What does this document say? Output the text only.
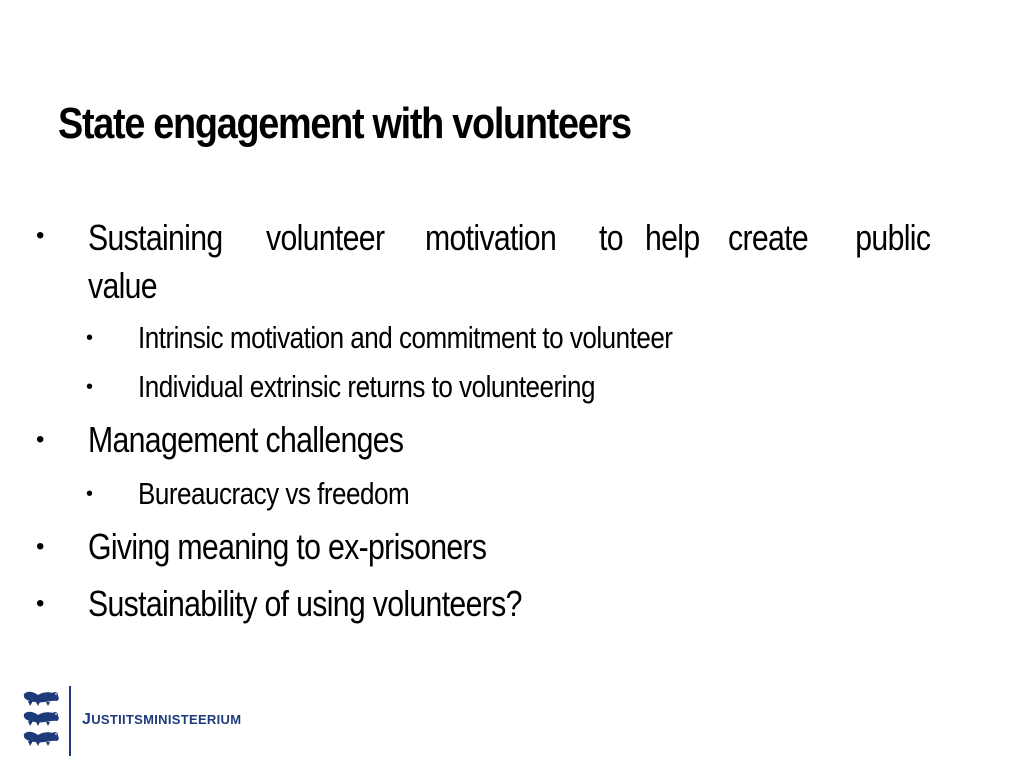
State engagement with volunteers
• Sustaining volunteer motivation to help create public
value
• Intrinsic motivation and commitment to volunteer
• Individual extrinsic returns to volunteering
• Management challenges
• Bureaucracy vs freedom
• Giving meaning to ex-prisoners
• Sustainability of using volunteers?
JUSTIITSMINISTEERIUM
